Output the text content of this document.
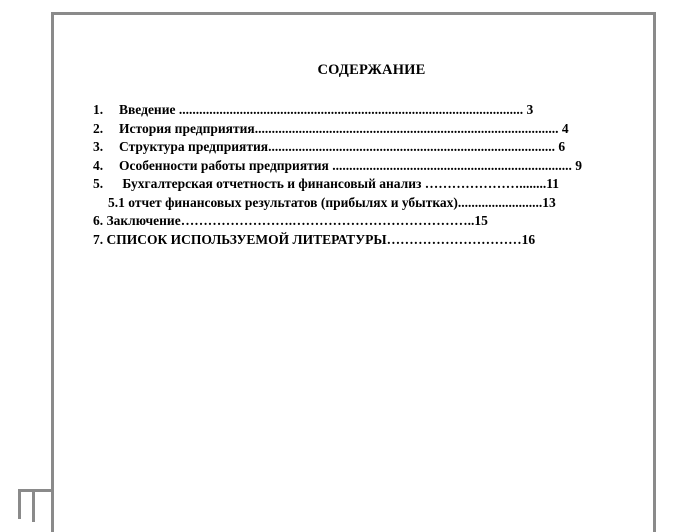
СОДЕРЖАНИЕ
1. Введение ...................................................................................................... 3
2. История предприятия.......................................................................................... 4
3. Структура предприятия..................................................................................... 6
4. Особенности работы предприятия ....................................................................... 9
5. Бухгалтерская отчетность и финансовый анализ …………………........11
5.1 отчет финансовых результатов (прибылях и убытках).........................13
6. Заключение…………………….…………………………………..15
7. СПИСОК ИСПОЛЬЗУЕМОЙ ЛИТЕРАТУРЫ…………………………16
